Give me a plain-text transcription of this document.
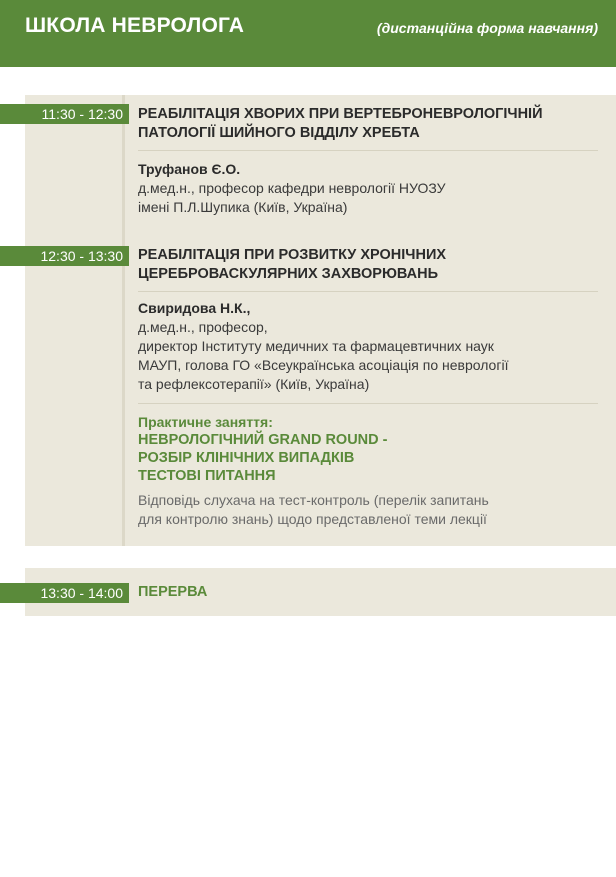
ШКОЛА НЕВРОЛОГА	(дистанційна форма навчання)
11:30 - 12:30	РЕАБІЛІТАЦІЯ ХВОРИХ ПРИ ВЕРТЕБРОНЕВРОЛОГІЧНІЙ
ПАТОЛОГІЇ ШИЙНОГО ВІДДІЛУ ХРЕБТА
Труфанов Є.О.
д.мед.н., професор кафедри неврології НУОЗУ
імені П.Л.Шупика (Київ, Україна)
12:30 - 13:30	РЕАБІЛІТАЦІЯ ПРИ РОЗВИТКУ ХРОНІЧНИХ
ЦЕРЕБРОВАСКУЛЯРНИХ ЗАХВОРЮВАНЬ
Свиридова Н.К.,
д.мед.н., професор,
директор Інституту медичних та фармацевтичних наук
МАУП, голова ГО «Всеукраїнська асоціація по неврології
та рефлексотерапії» (Київ, Україна)
Практичне заняття:
НЕВРОЛОГІЧНИЙ GRAND ROUND -
РОЗБІР КЛІНІЧНИХ ВИПАДКІВ
ТЕСТОВІ ПИТАННЯ
Відповідь слухача на тест-контроль (перелік запитань
для контролю знань) щодо представленої теми лекції
13:30 - 14:00	ПЕРЕРВА
